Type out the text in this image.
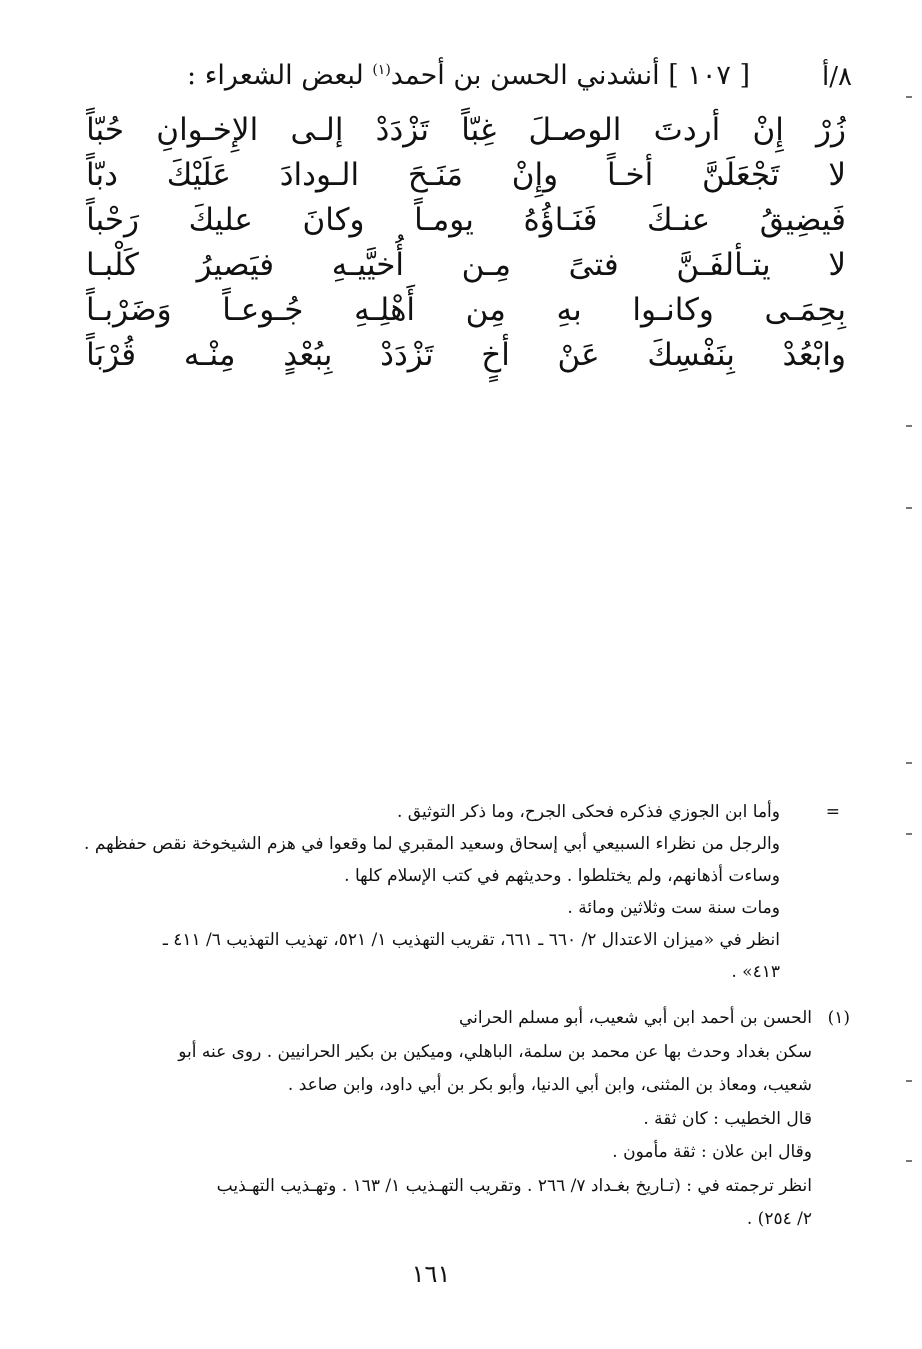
٨/أ
[ ١٠٧ ] أنشدني الحسن بن أحمد$^{(١)}$ لبعض الشعراء :
زُرْ
إِنْ
أردتَ
الوصـلَ
غِبّاً
تَزْدَدْ
إلـى
الإِخـوانِ
حُبّاً
لا
تَجْعَلَنَّ
أخـاً
وإِنْ
مَنَـحَ
الـودادَ
عَلَيْكَ
دبّاً
فَيضِيقُ
عنـكَ
فَنَـاؤُهُ
يومـاً
وكانَ
عليكَ
رَحْباً
لا
يتـألفَـنَّ
فتىً
مِـن
أُخيَّيـهِ
فيَصيرُ
كَلْبـا
بِحِمَـى
وكانـوا
بهِ
مِن
أَهْلِـهِ
جُـوعـاً
وَضَرْبـاً
وابْعُدْ
بِنَفْسِكَ
عَنْ
أخٍ
تَزْدَدْ
بِبُعْدٍ
مِنْـه
قُرْبَاً
=

وأما ابن الجوزي فذكره فحكى الجرح، وما ذكر التوثيق .

والرجل من نظراء السبيعي أبي إسحاق وسعيد المقبري لما وقعوا في هزم الشيخوخة نقص حفظهم .

وساءت أذهانهم، ولم يختلطوا . وحديثهم في كتب الإسلام كلها .

ومات سنة ست وثلاثين ومائة .

انظر في «ميزان الاعتدال ٢/ ٦٦٠ ـ ٦٦١، تقريب التهذيب ١/ ٥٢١، تهذيب التهذيب ٦/ ٤١١ ـ

٤١٣» .

(١)

الحسن بن أحمد ابن أبي شعيب، أبو مسلم الحراني

سكن بغداد وحدث بها عن محمد بن سلمة، الباهلي، وميكين بن بكير الحرانيين . روى عنه أبو

شعيب، ومعاذ بن المثنى، وابن أبي الدنيا، وأبو بكر بن أبي داود، وابن صاعد .

قال الخطيب : كان ثقة .

وقال ابن علان : ثقة مأمون .

انظر ترجمته في : (تـاريخ بغـداد ٧/ ٢٦٦ . وتقريب التهـذيب ١/ ١٦٣ . وتهـذيب التهـذيب

٢/ ٢٥٤) .

١٦١
